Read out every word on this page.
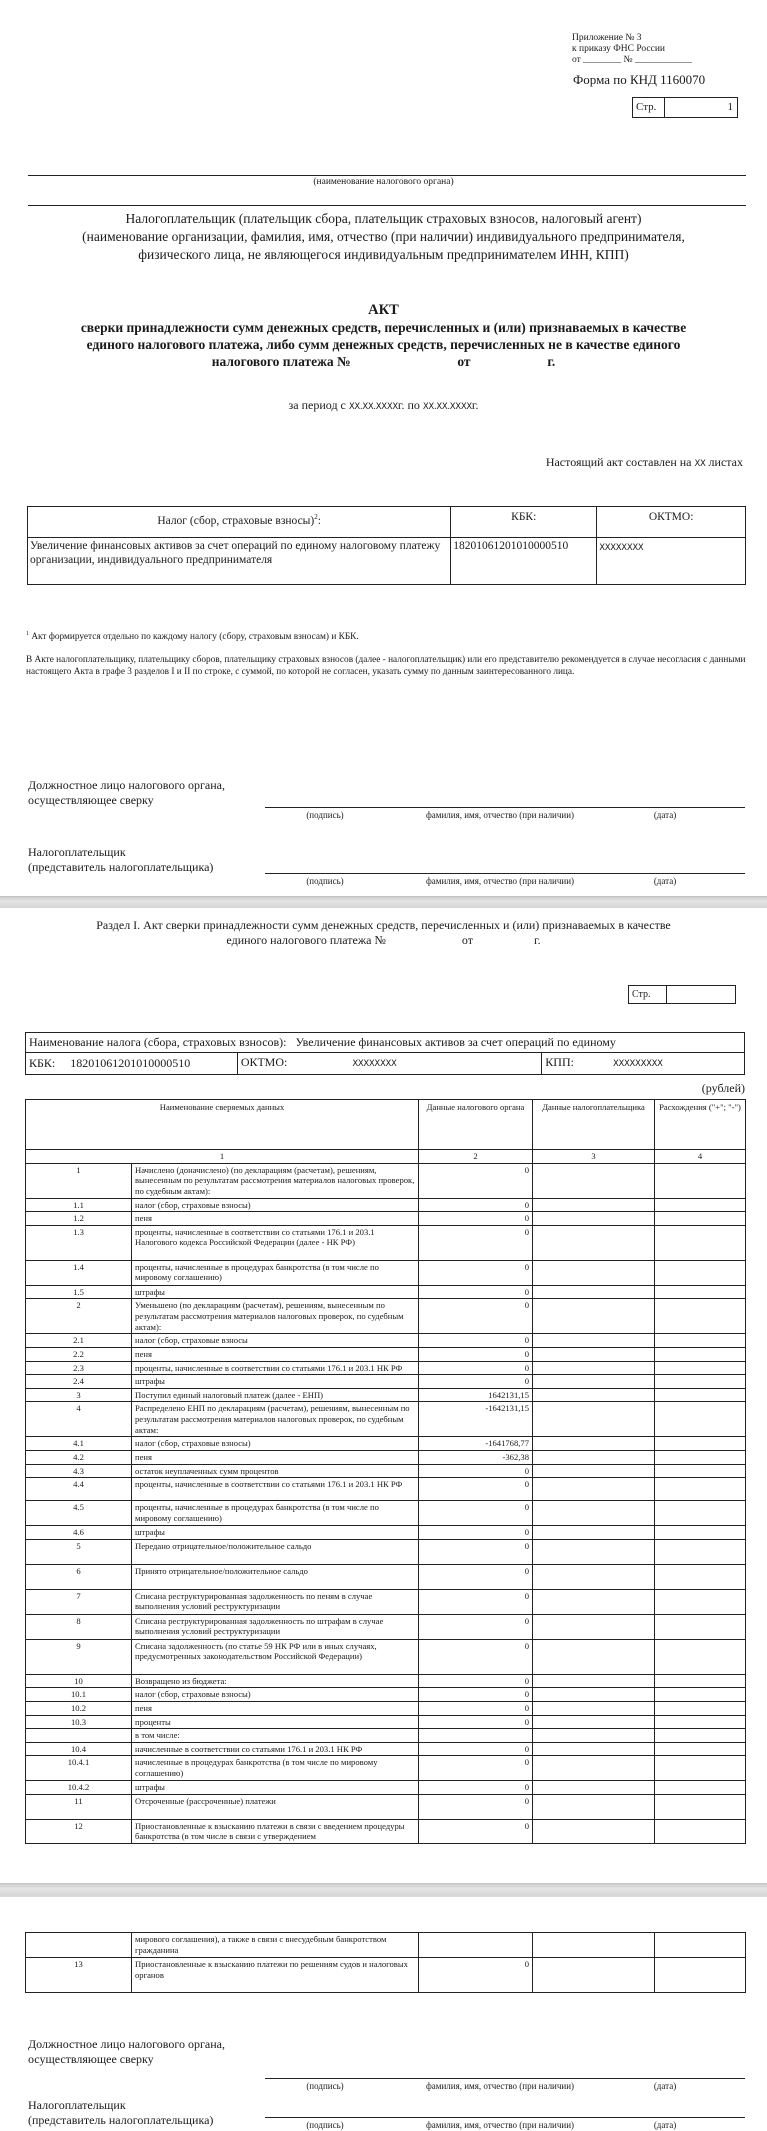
Приложение № 3
к приказу ФНС России
от ________ № ____________
Форма по КНД 1160070
Стр.	1
(наименование налогового органа)
Налогоплательщик (плательщик сбора, плательщик страховых взносов, налоговый агент)
(наименование организации, фамилия, имя, отчество (при наличии) индивидуального предпринимателя,
физического лица, не являющегося индивидуальным предпринимателем ИНН, КПП)
АКТ
сверки принадлежности сумм денежных средств, перечисленных и (или) признаваемых в качестве
единого налогового платежа, либо сумм денежных средств, перечисленных не в качестве единого
налогового платежа №	от	г.
за период с ХХ.ХХ.ХХХХг. по ХХ.ХХ.ХХХХг.
Настоящий акт составлен на ХХ листах
Налог (сбор, страховые взносы)$^2$:	КБК:	ОКТМО:
Увеличение финансовых активов за счет операций по единому налоговому платежу организации, индивидуального предпринимателя	18201061201010000510	ХХХХХХХХ
$^1$ Акт формируется отдельно по каждому налогу (сбору, страховым взносам) и КБК.
В Акте налогоплательщику, плательщику сборов, плательщику страховых взносов (далее - налогоплательщик) или его представителю рекомендуется в случае несогласия с данными настоящего Акта в графе 3 разделов I и II по строке, с суммой, по которой не согласен, указать сумму по данным заинтересованного лица.
Должностное лицо налогового органа,
осуществляющее сверку
(подпись)	фамилия, имя, отчество (при наличии)	(дата)
Налогоплательщик
(представитель налогоплательщика)
(подпись)	фамилия, имя, отчество (при наличии)	(дата)
Раздел I. Акт сверки принадлежности сумм денежных средств, перечисленных и (или) признаваемых в качестве
единого налогового платежа №	от	г.
Стр.
Наименование налога (сбора, страховых взносов): Увеличение финансовых активов за счет операций по единому
КБК: 18201061201010000510	ОКТМО:	ХХХХХХХХ	КПП:	ХХХХХХХХХ
(рублей)
Наименование сверяемых данных		Данные налогового органа	Данные налогоплательщика	Расхождения ("+"; "-")
1		2	3	4
1	Начислено (доначислено) (по декларациям (расчетам), решениям, вынесенным по результатам рассмотрения материалов налоговых проверок, по судебным актам):	0		
1.1	налог (сбор, страховые взносы)	0		
1.2	пеня	0		
1.3	проценты, начисленные в соответствии со статьями 176.1 и 203.1 Налогового кодекса Российской Федерации (далее - НК РФ)	0		
1.4	проценты, начисленные в процедурах банкротства (в том числе по мировому соглашению)	0		
1.5	штрафы	0		
2	Уменьшено (по декларациям (расчетам), решениям, вынесенным по результатам рассмотрения материалов налоговых проверок, по судебным актам):	0		
2.1	налог (сбор, страховые взносы	0		
2.2	пеня	0		
2.3	проценты, начисленные в соответствии со статьями 176.1 и 203.1 НК РФ	0		
2.4	штрафы	0		
3	Поступил единый налоговый платеж (далее - ЕНП)	1642131,15		
4	Распределено ЕНП по декларациям (расчетам), решениям, вынесенным по результатам рассмотрения материалов налоговых проверок, по судебным актам:	-1642131,15		
4.1	налог (сбор, страховые взносы)	-1641768,77		
4.2	пеня	-362,38		
4.3	остаток неуплаченных сумм процентов	0		
4.4	проценты, начисленные в соответствии со статьями 176.1 и 203.1 НК РФ	0		
4.5	проценты, начисленные в процедурах банкротства (в том числе по мировому соглашению)	0		
4.6	штрафы	0		
5	Передано отрицательное/положительное сальдо	0		
6	Принято отрицательное/положительное сальдо	0		
7	Списана реструктурированная задолженность по пеням в случае выполнения условий реструктуризации	0		
8	Списана реструктурированная задолженность по штрафам в случае выполнения условий реструктуризации	0		
9	Списана задолженность (по статье 59 НК РФ или в иных случаях, предусмотренных законодательством Российской Федерации)	0		
10	Возвращено из бюджета:	0		
10.1	налог (сбор, страховые взносы)	0		
10.2	пеня	0		
10.3	проценты	0		
	в том числе:			
10.4	начисленные в соответствии со статьями 176.1 и 203.1 НК РФ	0		
10.4.1	начисленные в процедурах банкротства (в том числе по мировому соглашению)	0		
10.4.2	штрафы	0		
11	Отсроченные (рассроченные) платежи	0		
12	Приостановленные к взысканию платежи в связи с введением процедуры банкротства (в том числе в связи с утверждением	0		
	мирового соглашения), а также в связи с внесудебным банкротством гражданина			
13	Приостановленные к взысканию платежи по решениям судов и налоговых органов	0		
Должностное лицо налогового органа,
осуществляющее сверку
(подпись)	фамилия, имя, отчество (при наличии)	(дата)
Налогоплательщик
(представитель налогоплательщика)	(подпись)	фамилия, имя, отчество (при наличии)	(дата)
